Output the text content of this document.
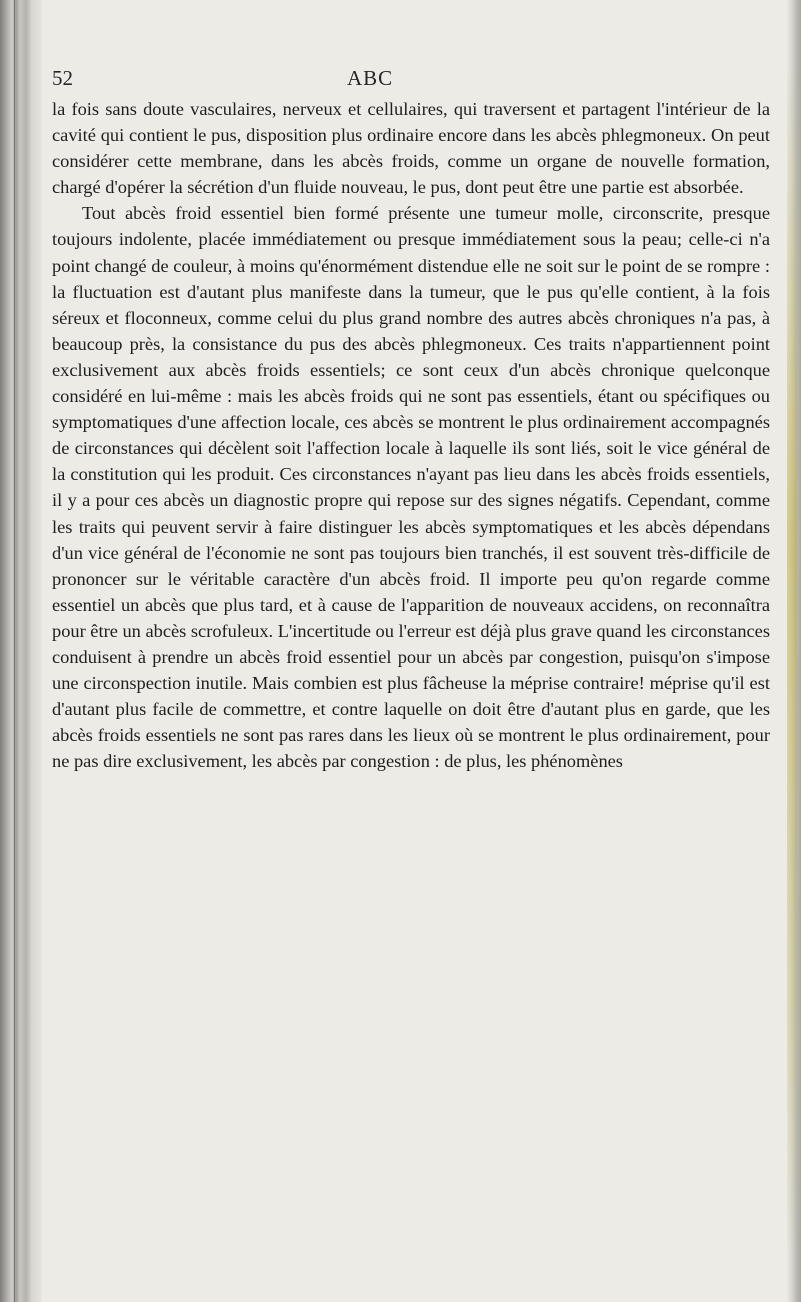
52	ABC

la fois sans doute vasculaires, nerveux et cellulaires, qui traversent et partagent l'intérieur de la cavité qui contient le pus, disposition plus ordinaire encore dans les abcès phlegmoneux. On peut considérer cette membrane, dans les abcès froids, comme un organe de nouvelle formation, chargé d'opérer la sécrétion d'un fluide nouveau, le pus, dont peut être une partie est absorbée.

Tout abcès froid essentiel bien formé présente une tumeur molle, circonscrite, presque toujours indolente, placée immédiatement ou presque immédiatement sous la peau; celle-ci n'a point changé de couleur, à moins qu'énormément distendue elle ne soit sur le point de se rompre : la fluctuation est d'autant plus manifeste dans la tumeur, que le pus qu'elle contient, à la fois séreux et floconneux, comme celui du plus grand nombre des autres abcès chroniques n'a pas, à beaucoup près, la consistance du pus des abcès phlegmoneux. Ces traits n'appartiennent point exclusivement aux abcès froids essentiels; ce sont ceux d'un abcès chronique quelconque considéré en lui-même : mais les abcès froids qui ne sont pas essentiels, étant ou spécifiques ou symptomatiques d'une affection locale, ces abcès se montrent le plus ordinairement accompagnés de circonstances qui décèlent soit l'affection locale à laquelle ils sont liés, soit le vice général de la constitution qui les produit. Ces circonstances n'ayant pas lieu dans les abcès froids essentiels, il y a pour ces abcès un diagnostic propre qui repose sur des signes négatifs. Cependant, comme les traits qui peuvent servir à faire distinguer les abcès symptomatiques et les abcès dépendans d'un vice général de l'économie ne sont pas toujours bien tranchés, il est souvent très-difficile de prononcer sur le véritable caractère d'un abcès froid. Il importe peu qu'on regarde comme essentiel un abcès que plus tard, et à cause de l'apparition de nouveaux accidens, on reconnaîtra pour être un abcès scrofuleux. L'incertitude ou l'erreur est déjà plus grave quand les circonstances conduisent à prendre un abcès froid essentiel pour un abcès par congestion, puisqu'on s'impose une circonspection inutile. Mais combien est plus fâcheuse la méprise contraire! méprise qu'il est d'autant plus facile de commettre, et contre laquelle on doit être d'autant plus en garde, que les abcès froids essentiels ne sont pas rares dans les lieux où se montrent le plus ordinairement, pour ne pas dire exclusivement, les abcès par congestion : de plus, les phénomènes
